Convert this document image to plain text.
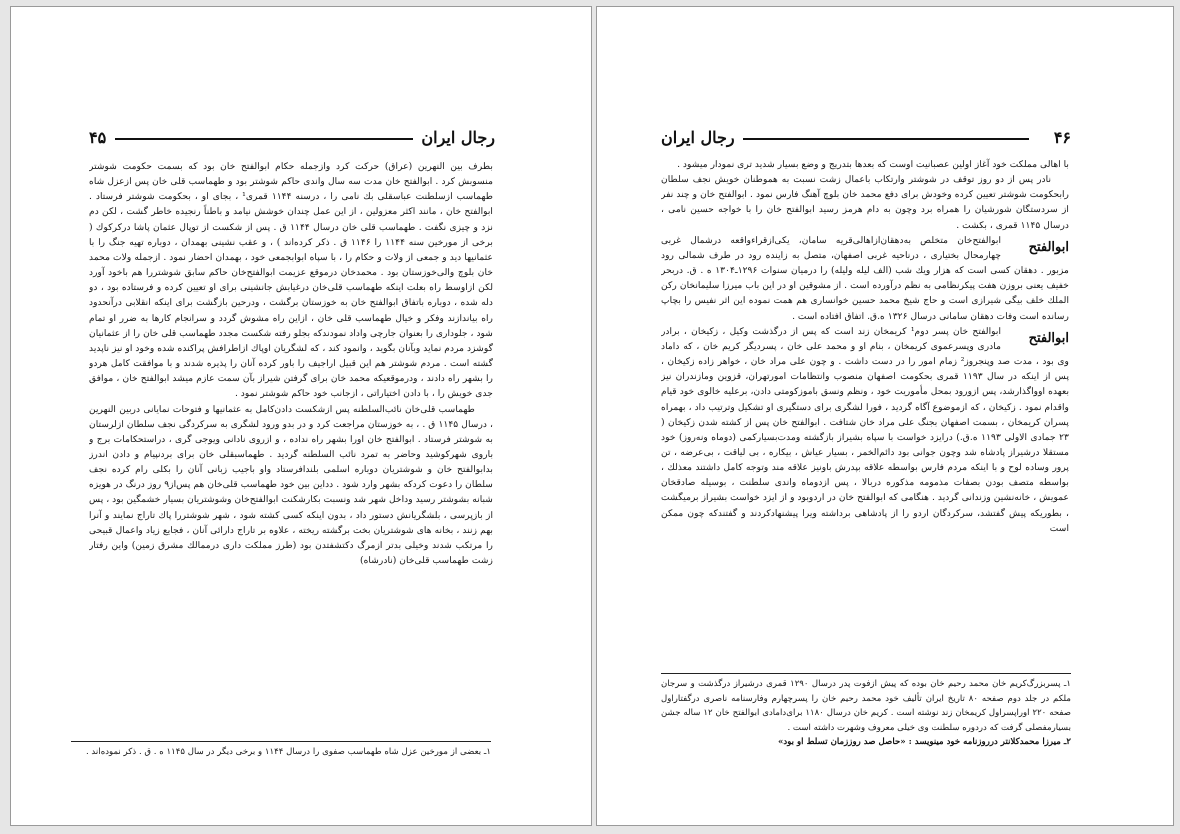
۴۵	رجال ایران

بطرف بين النهرين (عراق) حرکت کرد وازجمله حکام ابوالفتح خان بود که بسمت حکومت شوشتر منسوبش کرد . ابوالفتح خان مدت سه سال واندی حاکم شوشتر بود و طهماسب قلی خان پس ازعزل شاه طهماسب ازسلطنت عباسقلی بك نامی را ، درسنه ۱۱۴۴ قمری¹ ، بجای او ، بحکومت شوشتر فرستاد . ابوالفتح خان ، مانند اکثر معزولین ، از این عمل چندان خوشش نیامد و باطناً رنجیده خاطر گشت ، لکن دم نزد و چیزی نگفت . طهماسب قلی خان درسال ۱۱۴۴ ق . پس از شکست از توپال عثمان پاشا درکرکوك ( برخی از مورخین سنه ۱۱۴۴ را ۱۱۴۶ ق . ذکر کرده‌اند ) ، و عقب نشینی بهمدان ، دوباره تهیه جنگ را با عثمانیها دید و جمعی از ولات و حکام را ، با سپاه ابوابجمعی خود ، بهمدان احضار نمود . ازجمله ولات محمد خان بلوچ والی‌خوزستان بود . محمدخان درموقع عزیمت ابوالفتح‌خان حاکم سابق شوشتررا هم باخود آورد لکن ازاوسط راه بعلت اینکه طهماسب قلی‌خان درغیابش جانشینی برای او تعیین کرده و فرستاده بود ، دو دله شده ، دوباره باتفاق ابوالفتح خان به خوزستان برگشت ، ودرحین بازگشت برای اینکه انقلابی درآنحدود راه بیاندازند وفکر و خیال طهماسب قلی خان ، ازاین راه مشوش گردد و سرانجام کارها به ضرر او تمام شود ، جلوداری را بعنوان جارچی واداد نمودندکه بجلو رفته شکست مجدد طهماسب قلی خان را از عثمانیان گوشزد مردم نماید وبآنان بگوید ، وانمود کند ، که لشگریان اوپاك ازاطرافش پراکنده شده وخود او نیز ناپدید گشته است . مردم شوشتر هم این قبیل اراجیف را باور کرده آنان را پذیره شدند و با موافقت کامل هردو را بشهر راه دادند ، ودرموقعیکه محمد خان برای گرفتن شیراز بآن سمت عازم میشد ابوالفتح خان ، موافق جدی خویش را ، با دادن اختیاراتی ، ازجانب خود حاکم شوشتر نمود .

طهماسب قلی‌خان نائب‌السلطنه پس ازشکست دادن‌کامل به عثمانیها و فتوحات نمایانی دربین النهرین ، درسال ۱۱۴۵ ق . ، به خوزستان مراجعت کرد و در بدو ورود لشگری به سرکردگی نجف سلطان ازلرستان به شوشتر فرستاد . ابوالفتح خان اورا بشهر راه نداده ، و ازروی نادانی ویوجی گری ، دراستحکامات برج و باروی شهرکوشید وحاضر به تمرد نائب السلطنه گردید . طهماسبقلی خان برای بردنپیام و دادن اندرز بدابوالفتح خان و شوشتریان دوباره اسلمی بلندافرستاد واو باجیب زبانی آنان را بکلی رام کرده نجف سلطان را دعوت کردکه بشهر وارد شود . دداین بین خود طهماسب قلی‌خان هم پس‌از۹ روز درنگ در هویزه شبانه بشوشتر رسید وداخل شهر شد ونسبت بکارشکنت ابوالفتح‌خان وشوشتریان بسیار خشمگین بود ، پس از بازپرسی ، بلشگریانش دستور داد ، بدون اینکه کسی کشته شود ، شهر شوشتررا پاك تاراج نمایند و آنرا بهم زنند ، بخانه های شوشتریان بخت برگشته ریخته ، علاوه بر تاراج دارائی آنان ، فجایع زیاد واعمال قبیحی را مرتکب شدند وخیلی بدتر ازمرگ دکتشفتدن بود (طرز مملکت داری درممالك مشرق زمین) واین رفتار زشت طهماسب قلی‌خان (نادرشاه)

۱ـ بعضی از مورخین عزل شاه طهماسب صفوی را درسال ۱۱۴۴ و برخی دیگر در سال ۱۱۴۵ ه . ق . ذکر نموده‌اند .

رجال ایران	۴۶

با اهالی مملکت خود آغاز اولین عصبانیت اوست که بعدها بتدریج و وضع بسیار شدید تری نمودار میشود .

نادر پس از دو روز توقف در شوشتر وارتکاب باعمال زشت نسبت به هموطنان خویش نجف سلطان رابحکومت شوشتر تعیین کرده وخودش برای دفع محمد خان بلوچ آهنگ فارس نمود . ابوالفتح خان و چند نفر از سردستگان شورشیان را همراه برد وچون به دام هرمز رسید ابوالفتح خان را با خواجه حسین نامی ، درسال ۱۱۴۵ قمری ، بکشت .

ابوالفتح
ابوالفتح‌خان متخلص به‌دهقان‌ازاهالی‌قریه سامان، یکی‌ازقراءواقعه درشمال غربی چهارمحال بختیاری ، درناحیه غربی اصفهان، متصل به زاینده رود در طرف شمالی رود مزبور . دهقان کسی است که هزار ویك شب (الف لیله ولیله) را درمیان سنوات ۱۲۹۶ـ۱۳۰۴ ه . ق. دربحر خفیف یعنی بروزن هفت پیکرنظامی به نظم درآورده است . از مشوقین او در این باب میرزا سلیمانخان رکن الملك خلف بیگی شیرازی است و حاج شیخ محمد حسین خوانساری هم همت نموده این اثر نفیس را بچاپ رسانده است وفات دهقان سامانی درسال ۱۳۲۶ ه.ق. اتفاق افتاده است .

ابوالفتح
ابوالفتح خان پسر دوم¹ کریمخان زند است که پس از درگذشت وکیل ، زکیخان ، برادر مادری وپسرعموی کریمخان ، بنام او و محمد علی خان ، پسردیگر کریم خان ، که داماد وی بود ، مدت صد وپنجروز² زمام امور را در دست داشت . و چون علی مراد خان ، خواهر زاده زکیخان ، پس از اینکه در سال ۱۱۹۳ قمری بحکومت اصفهان منصوب وانتظامات امورتهران، قزوین ومازندران نیز بعهده اوواگذارشد، پس ازورود بمحل مأموریت خود ، ونظم ونسق باموزکومتی دادن، برعلیه خالوی خود قیام واقدام نمود . زکیخان ، که ازموضوع آگاه گردید ، فورا لشگری برای دستگیری او تشکیل وترتیب داد ، بهمراه پسران کریمخان ، بسمت اصفهان بجنگ علی مراد خان شتافت . ابوالفتح خان پس از کشته شدن زکیخان ( ۲۳ جمادی الاولی ۱۱۹۳ ه.ق.) درایزد خواست با سپاه بشیراز بازگشته ومدت‌بسیارکمی (دوماه ونه‌روز) خود مستقلا درشیراز پادشاه شد وچون جوانی بود دائم‌الخمر ، بسیار عیاش ، بیکاره ، بی لیاقت ، بی‌عرضه ، تن پرور وساده لوح و با اینکه مردم فارس بواسطه علاقه بپدرش باونیز علاقه مند وتوجه کامل داشتند معذلك ، بواسطه متصف بودن بصفات مذمومه مذکوره دربالا ، پس ازدوماه واندی سلطنت ، بوسیله صادقخان عمویش ، خانه‌نشین وزندانی گردید . هنگامی که ابوالفتح خان در اردوبود و از ایزد خواست بشیراز برمیگشت ، بطوریکه پیش گفتشد، سرکردگان اردو را از پادشاهی برداشته ویرا پیشنهادکردند و گفتندکه چون ممکن است

۱ـ پسربزرگ‌کریم خان محمد رحیم خان بوده که پیش ازفوت پدر درسال ۱۲۹۰ قمری درشیراز درگذشت و سرجان ملکم در جلد دوم صفحه ۸۰ تاریخ ایران تألیف خود محمد رحیم خان را پسرچهارم وفارسنامه ناصری درگفتاراول صفحه ۲۲۰ اوراپسراول کریمخان زند نوشته است . کریم خان درسال ۱۱۸۰ برای‌دامادی ابوالفتح خان ۱۲ ساله جشن بسیارمفصلی گرفت که دردوره سلطنت وی خیلی معروف وشهرت داشته است .

۲ـ میرزا محمدکلانتر درروزنامه خود مینویسد : «حاصل صد روززمان تسلط او بود»
